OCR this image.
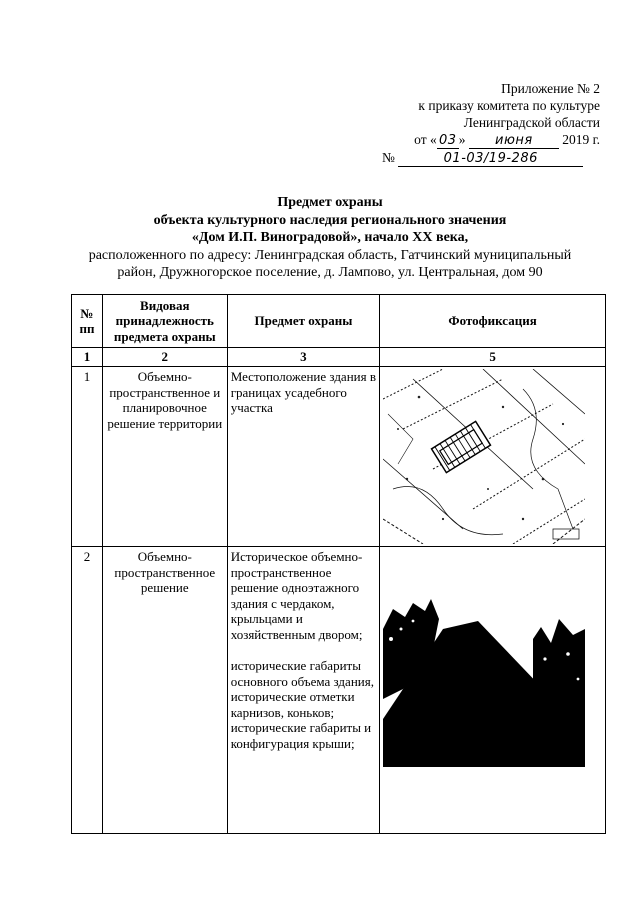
Приложение № 2
к приказу комитета по культуре
Ленинградской области
от « 03 » июня 2019 г.
№	01-03/19-286
Предмет охраны
объекта культурного наследия регионального значения
«Дом И.П. Виноградовой», начало XX века,
расположенного по адресу: Ленинградская область, Гатчинский муниципальный
район, Дружногорское поселение, д. Лампово, ул. Центральная, дом 90
№ пп	Видовая принадлежность предмета охраны	Предмет охраны	Фотофиксация
1	2	3	5
1	Объемно-пространственное и планировочное решение территории	Местоположение здания в границах усадебного участка	

2	Объемно-пространственное решение	Историческое объемно-пространственное решение одноэтажного здания с чердаком, крыльцами и хозяйственным двором;
исторические габариты основного объема здания, исторические отметки карнизов, коньков;
исторические габариты и конфигурация крыши;
